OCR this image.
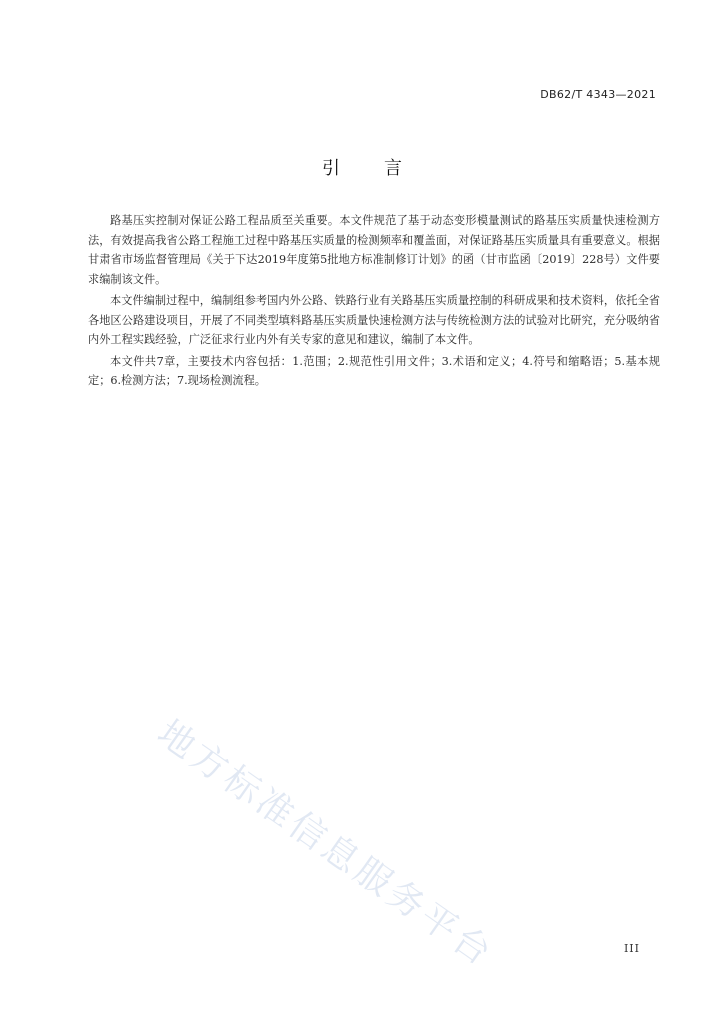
DB62/T 4343—2021
引言

路基压实控制对保证公路工程品质至关重要。本文件规范了基于动态变形模量测试的路基压实质量快速检测方法，有效提高我省公路工程施工过程中路基压实质量的检测频率和覆盖面，对保证路基压实质量具有重要意义。根据甘肃省市场监督管理局《关于下达2019年度第5批地方标准制修订计划》的函（甘市监函〔2019〕228号）文件要求编制该文件。

本文件编制过程中，编制组参考国内外公路、铁路行业有关路基压实质量控制的科研成果和技术资料，依托全省各地区公路建设项目，开展了不同类型填料路基压实质量快速检测方法与传统检测方法的试验对比研究，充分吸纳省内外工程实践经验，广泛征求行业内外有关专家的意见和建议，编制了本文件。

本文件共7章，主要技术内容包括：1.范围；2.规范性引用文件；3.术语和定义；4.符号和缩略语；5.基本规定；6.检测方法；7.现场检测流程。

地方标准信息服务平台	III
